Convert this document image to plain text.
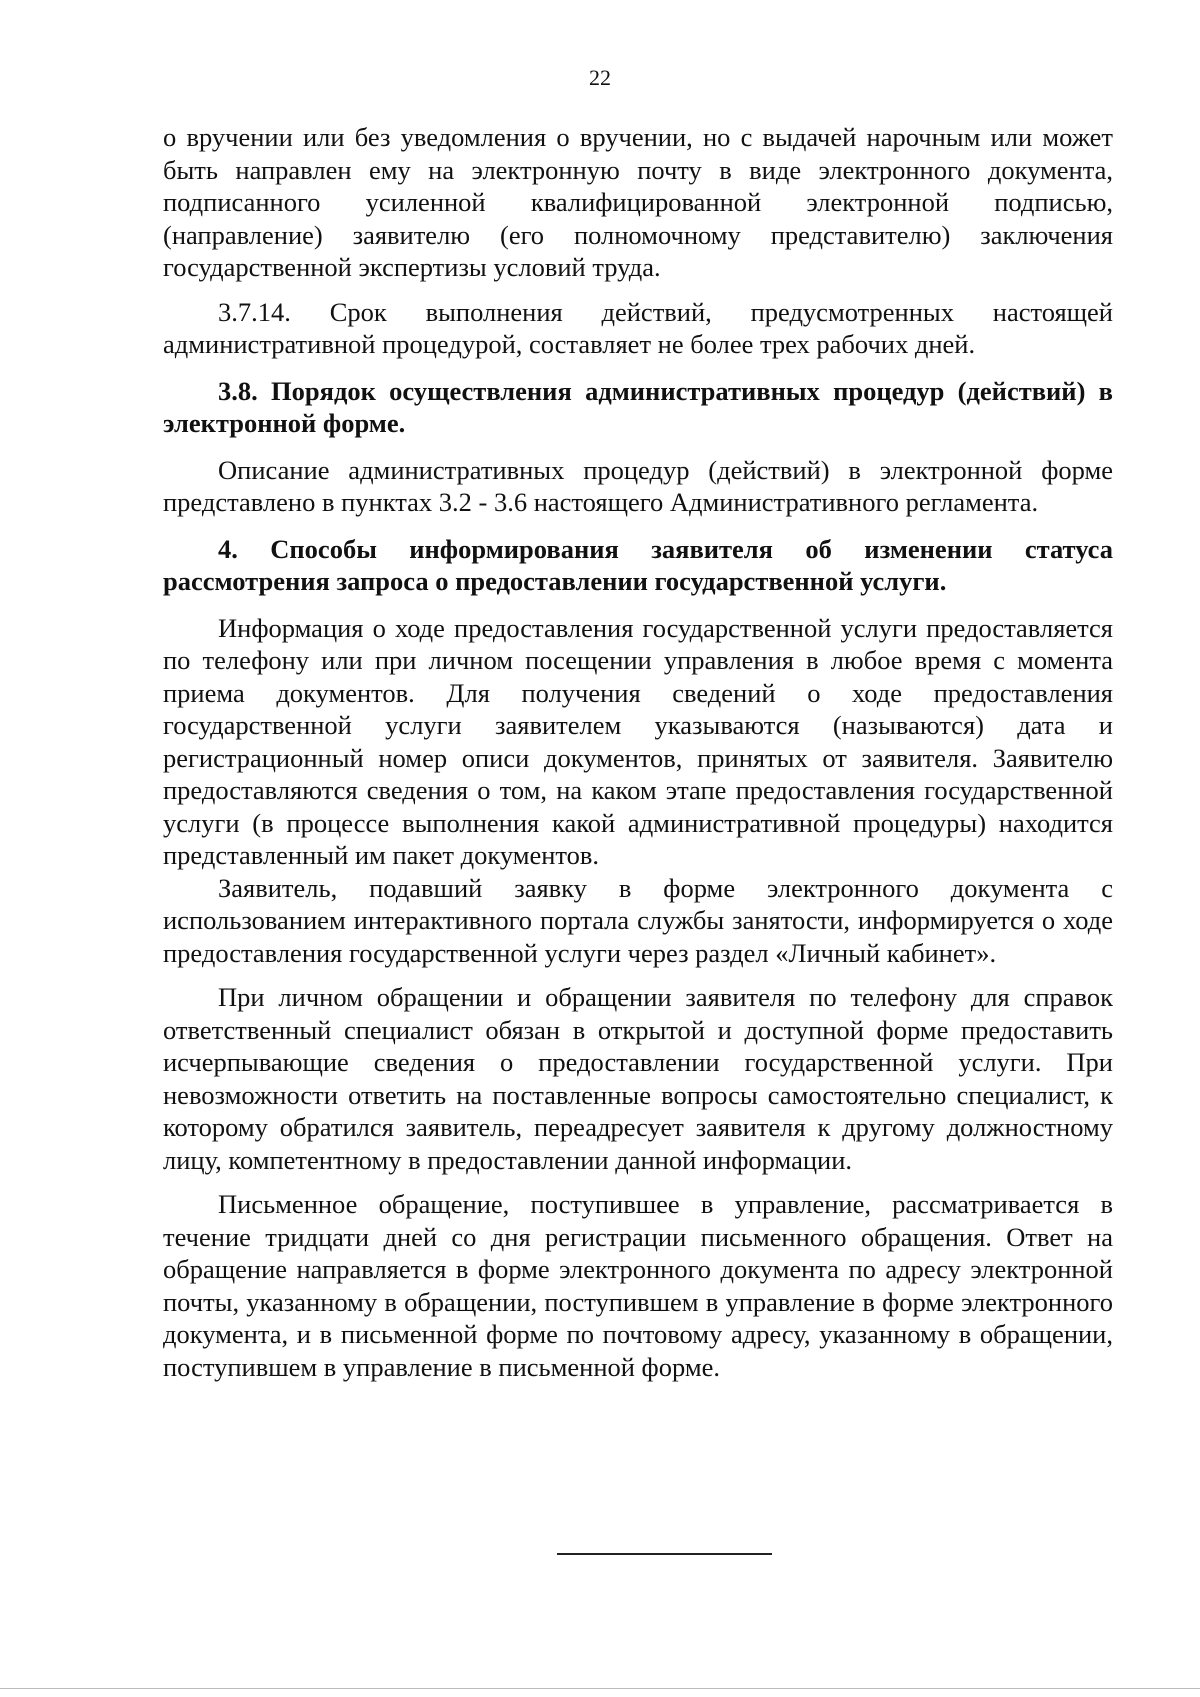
22

о вручении или без уведомления о вручении, но с выдачей нарочным или может быть направлен ему на электронную почту в виде электронного документа, подписанного усиленной квалифицированной электронной подписью, (направление) заявителю (его полномочному представителю) заключения государственной экспертизы условий труда.

3.7.14. Срок выполнения действий, предусмотренных настоящей административной процедурой, составляет не более трех рабочих дней.

3.8. Порядок осуществления административных процедур (действий) в электронной форме.

Описание административных процедур (действий) в электронной форме представлено в пунктах 3.2 - 3.6 настоящего Административного регламента.

4. Способы информирования заявителя об изменении статуса рассмотрения запроса о предоставлении государственной услуги.

Информация о ходе предоставления государственной услуги предоставляется по телефону или при личном посещении управления в любое время с момента приема документов. Для получения сведений о ходе предоставления государственной услуги заявителем указываются (называются) дата и регистрационный номер описи документов, принятых от заявителя. Заявителю предоставляются сведения о том, на каком этапе предоставления государственной услуги (в процессе выполнения какой административной процедуры) находится представленный им пакет документов.

Заявитель, подавший заявку в форме электронного документа с использованием интерактивного портала службы занятости, информируется о ходе предоставления государственной услуги через раздел «Личный кабинет».

При личном обращении и обращении заявителя по телефону для справок ответственный специалист обязан в открытой и доступной форме предоставить исчерпывающие сведения о предоставлении государственной услуги. При невозможности ответить на поставленные вопросы самостоятельно специалист, к которому обратился заявитель, переадресует заявителя к другому должностному лицу, компетентному в предоставлении данной информации.

Письменное обращение, поступившее в управление, рассматривается в течение тридцати дней со дня регистрации письменного обращения. Ответ на обращение направляется в форме электронного документа по адресу электронной почты, указанному в обращении, поступившем в управление в форме электронного документа, и в письменной форме по почтовому адресу, указанному в обращении, поступившем в управление в письменной форме.
